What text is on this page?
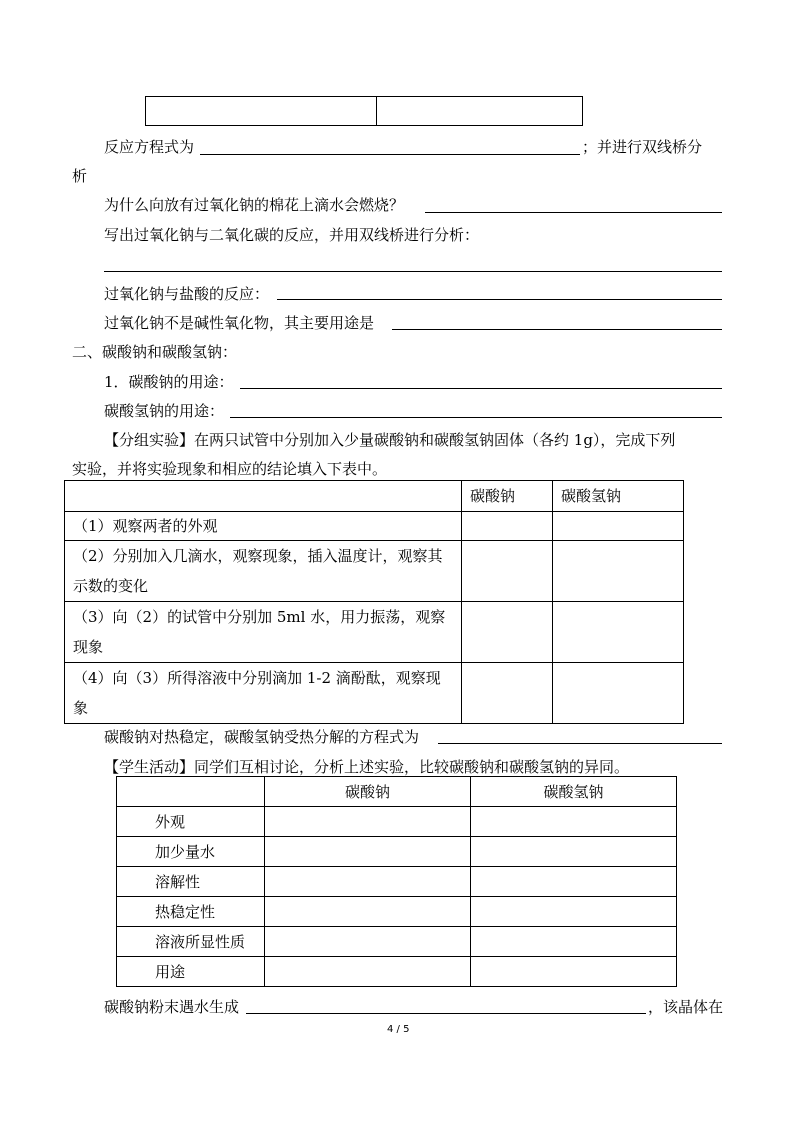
反应方程式为	；并进行双线桥分
析
为什么向放有过氧化钠的棉花上滴水会燃烧？
写出过氧化钠与二氧化碳的反应，并用双线桥进行分析：
过氧化钠与盐酸的反应：
过氧化钠不是碱性氧化物，其主要用途是
二、碳酸钠和碳酸氢钠：
1．碳酸钠的用途：
碳酸氢钠的用途：
【分组实验】在两只试管中分别加入少量碳酸钠和碳酸氢钠固体（各约 1g），完成下列
实验，并将实验现象和相应的结论填入下表中。
	碳酸钠	碳酸氢钠
（1）观察两者的外观		
（2）分别加入几滴水，观察现象，插入温度计，观察其示数的变化		
（3）向（2）的试管中分别加 5ml 水，用力振荡，观察现象		
（4）向（3）所得溶液中分别滴加 1-2 滴酚酞，观察现象		
碳酸钠对热稳定，碳酸氢钠受热分解的方程式为
【学生活动】同学们互相讨论，分析上述实验，比较碳酸钠和碳酸氢钠的异同。
	碳酸钠	碳酸氢钠
外观		
加少量水		
溶解性		
热稳定性		
溶液所显性质		
用途		
碳酸钠粉末遇水生成	，该晶体在
4 / 5
